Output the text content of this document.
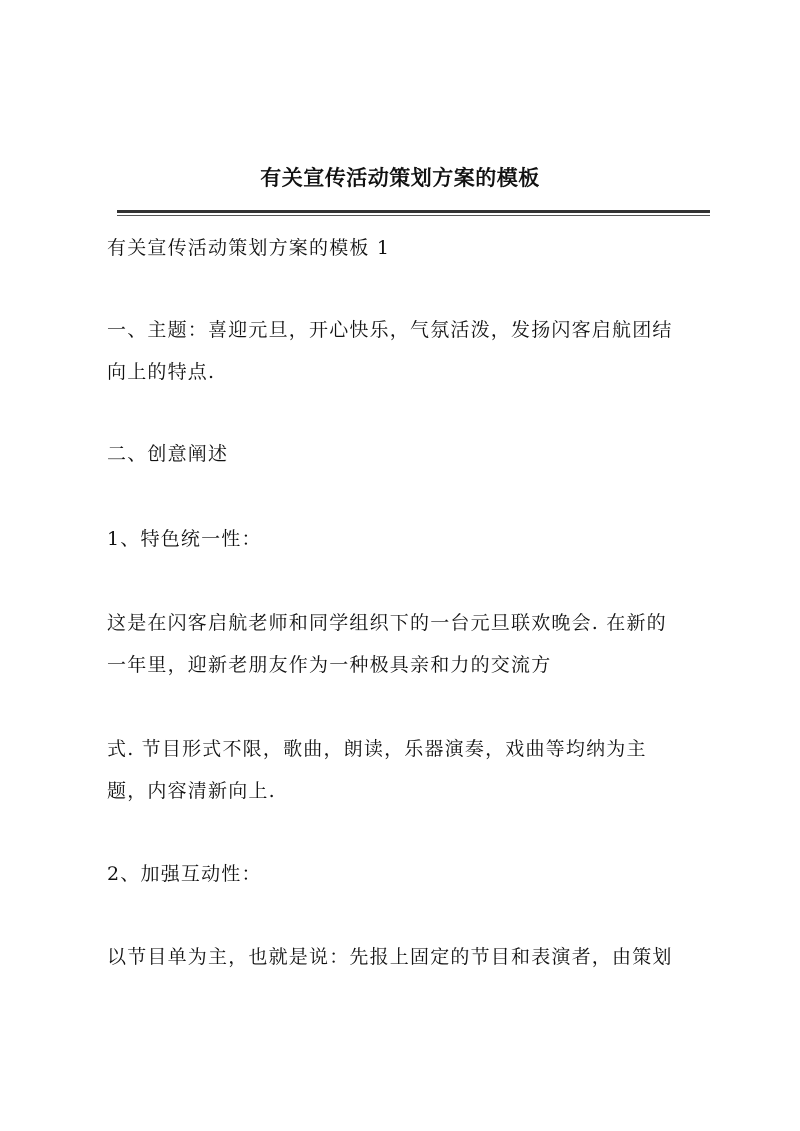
有关宣传活动策划方案的模板
有关宣传活动策划方案的模板 1
一、主题：喜迎元旦，开心快乐，气氛活泼，发扬闪客启航团结
向上的特点.
二、创意阐述
1、特色统一性：
这是在闪客启航老师和同学组织下的一台元旦联欢晚会. 在新的
一年里，迎新老朋友作为一种极具亲和力的交流方
式. 节目形式不限，歌曲，朗读，乐器演奏，戏曲等均纳为主
题，内容清新向上.
2、加强互动性：
以节目单为主，也就是说：先报上固定的节目和表演者，由策划
